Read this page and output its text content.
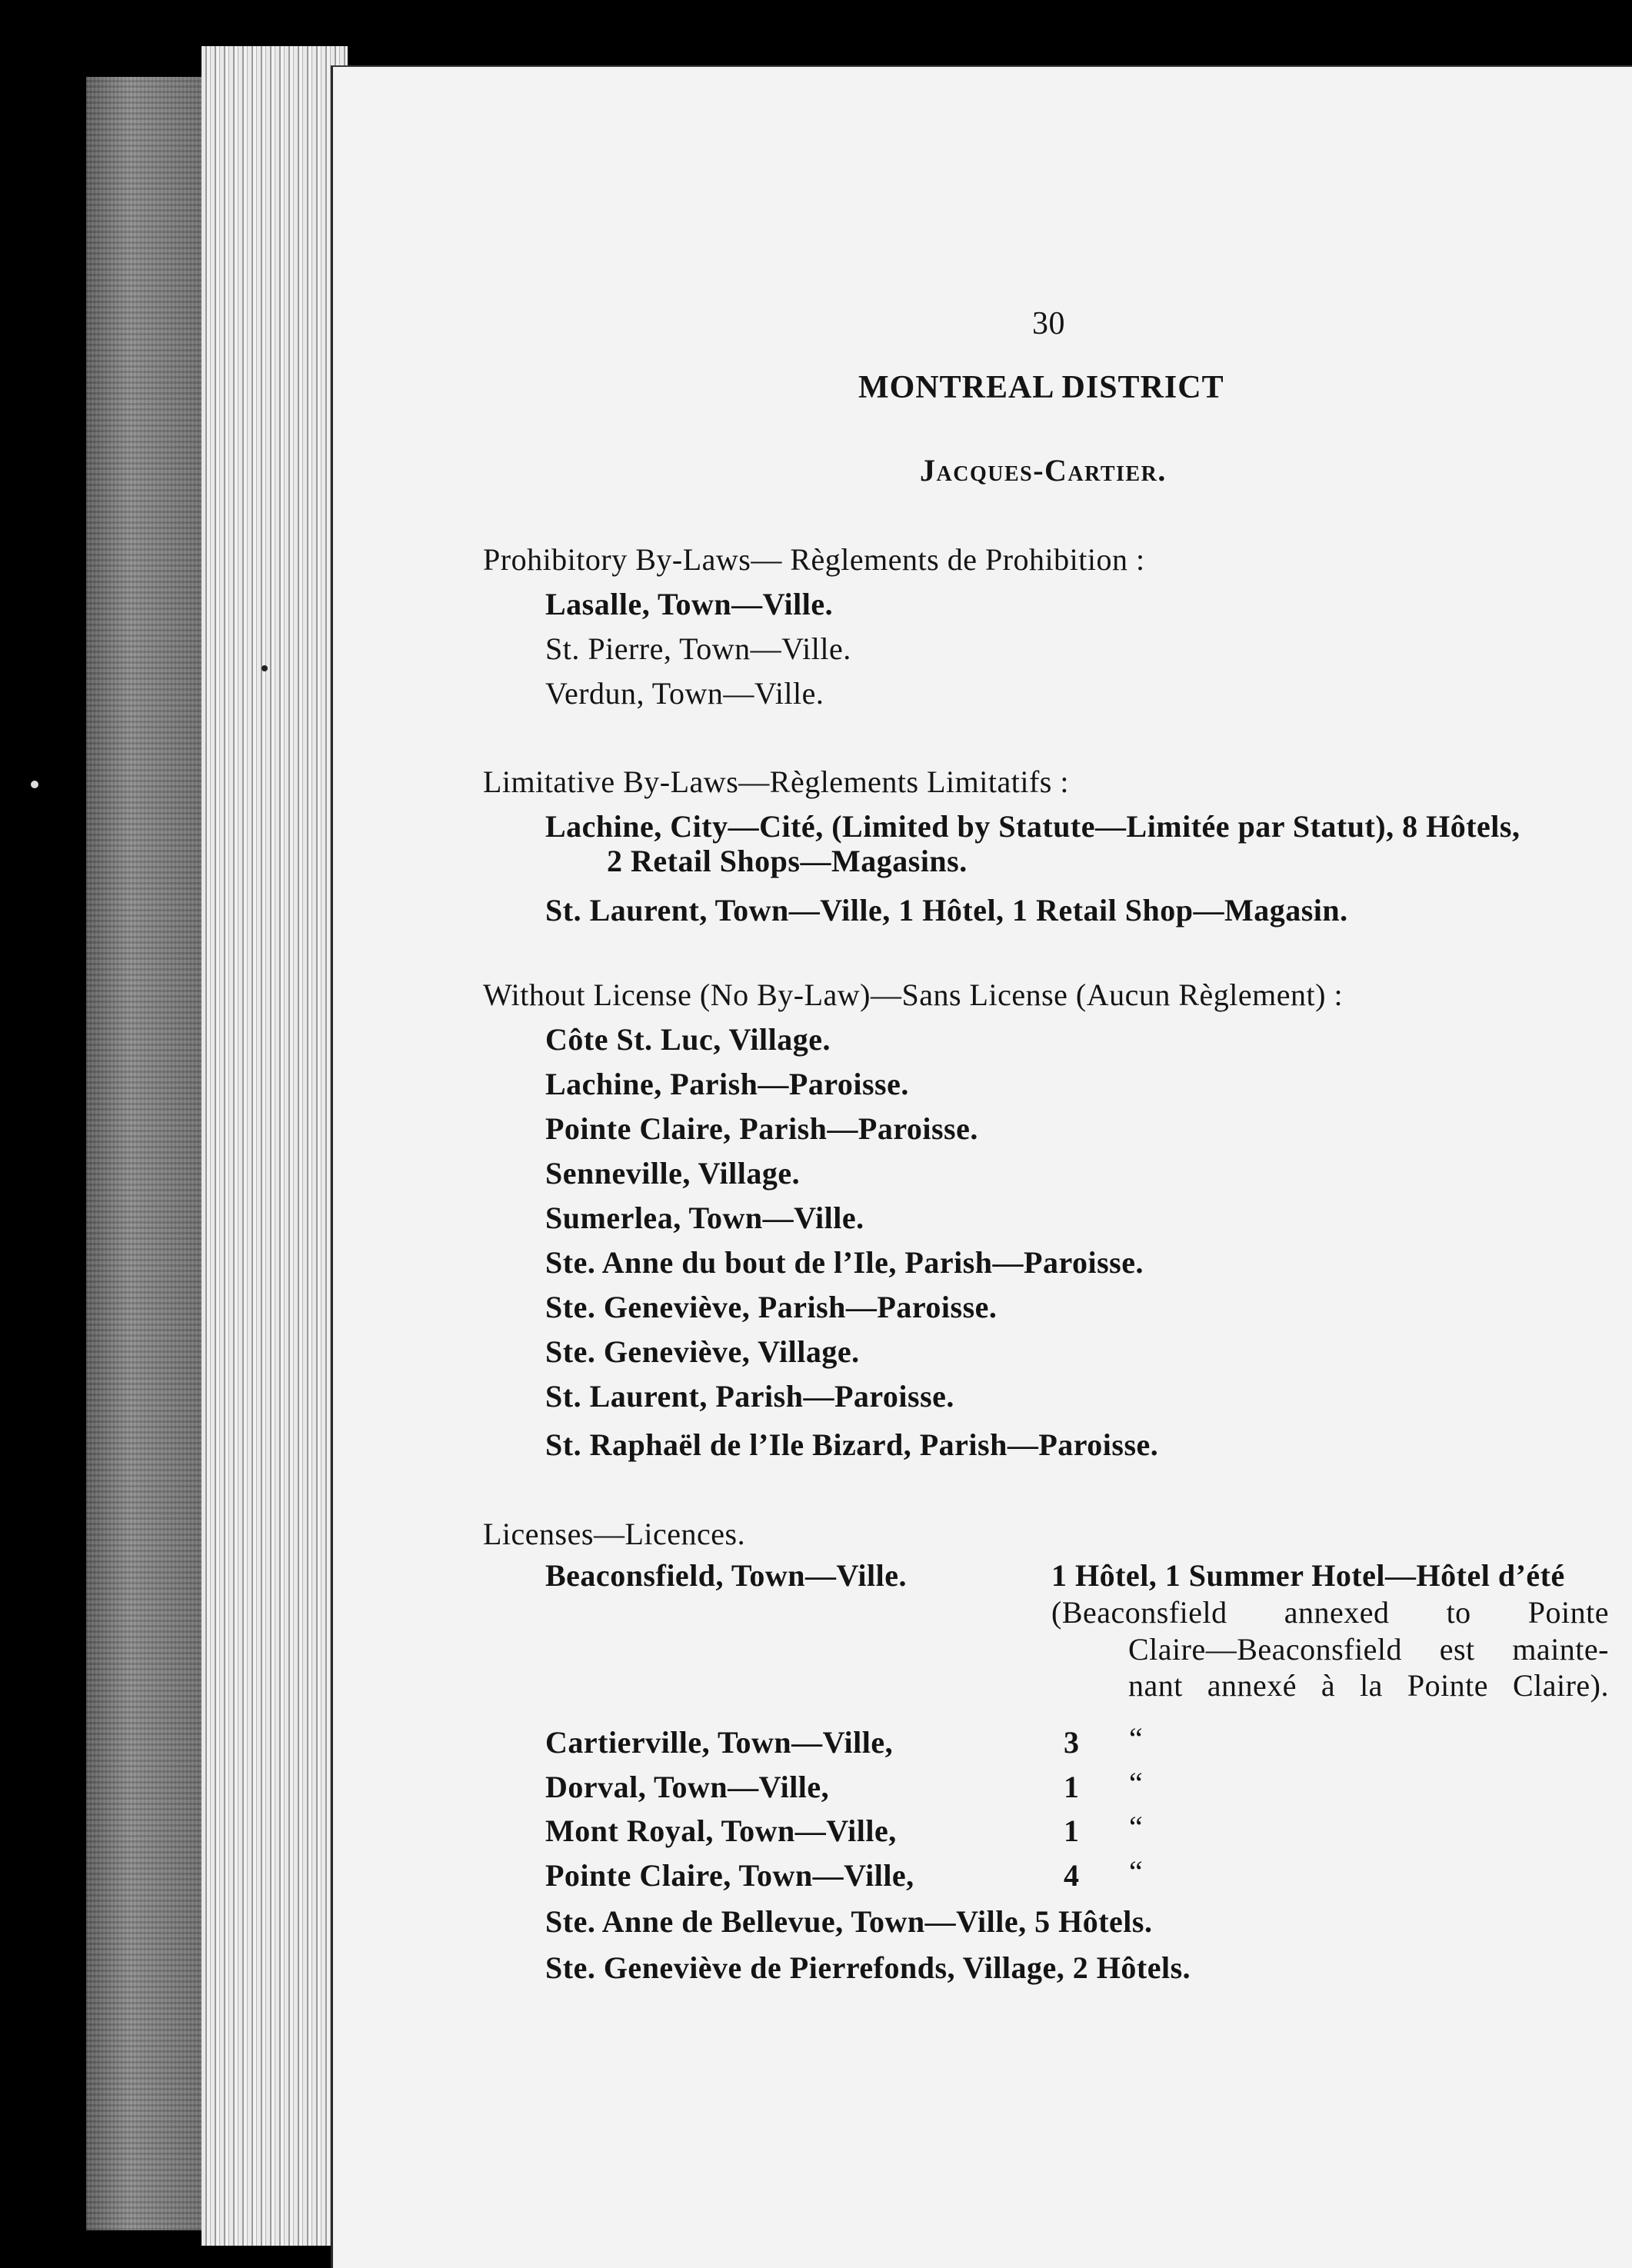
30
MONTREAL DISTRICT
Jacques-Cartier.
Prohibitory By-Laws— Règlements de Prohibition :
Lasalle, Town—Ville.
St. Pierre, Town—Ville.
Verdun, Town—Ville.
Limitative By-Laws—Règlements Limitatifs :
Lachine, City—Cité, (Limited by Statute—Limitée par Statut), 8 Hôtels,
2 Retail Shops—Magasins.
St. Laurent, Town—Ville, 1 Hôtel, 1 Retail Shop—Magasin.
Without License (No By-Law)—Sans License (Aucun Règlement) :
Côte St. Luc, Village.
Lachine, Parish—Paroisse.
Pointe Claire, Parish—Paroisse.
Senneville, Village.
Sumerlea, Town—Ville.
Ste. Anne du bout de l’Ile, Parish—Paroisse.
Ste. Geneviève, Parish—Paroisse.
Ste. Geneviève, Village.
St. Laurent, Parish—Paroisse.
St. Raphaël de l’Ile Bizard, Parish—Paroisse.
Licenses—Licences.
Beaconsfield, Town—Ville.	1 Hôtel, 1 Summer Hotel—Hôtel d’été
(Beaconsfield annexed to Pointe
Claire—Beaconsfield est mainte-
nant annexé à la Pointe Claire).
Cartierville, Town—Ville,	3 “
Dorval, Town—Ville,	1 “
Mont Royal, Town—Ville,	1 “
Pointe Claire, Town—Ville,	4 “
Ste. Anne de Bellevue, Town—Ville, 5 Hôtels.
Ste. Geneviève de Pierrefonds, Village, 2 Hôtels.
